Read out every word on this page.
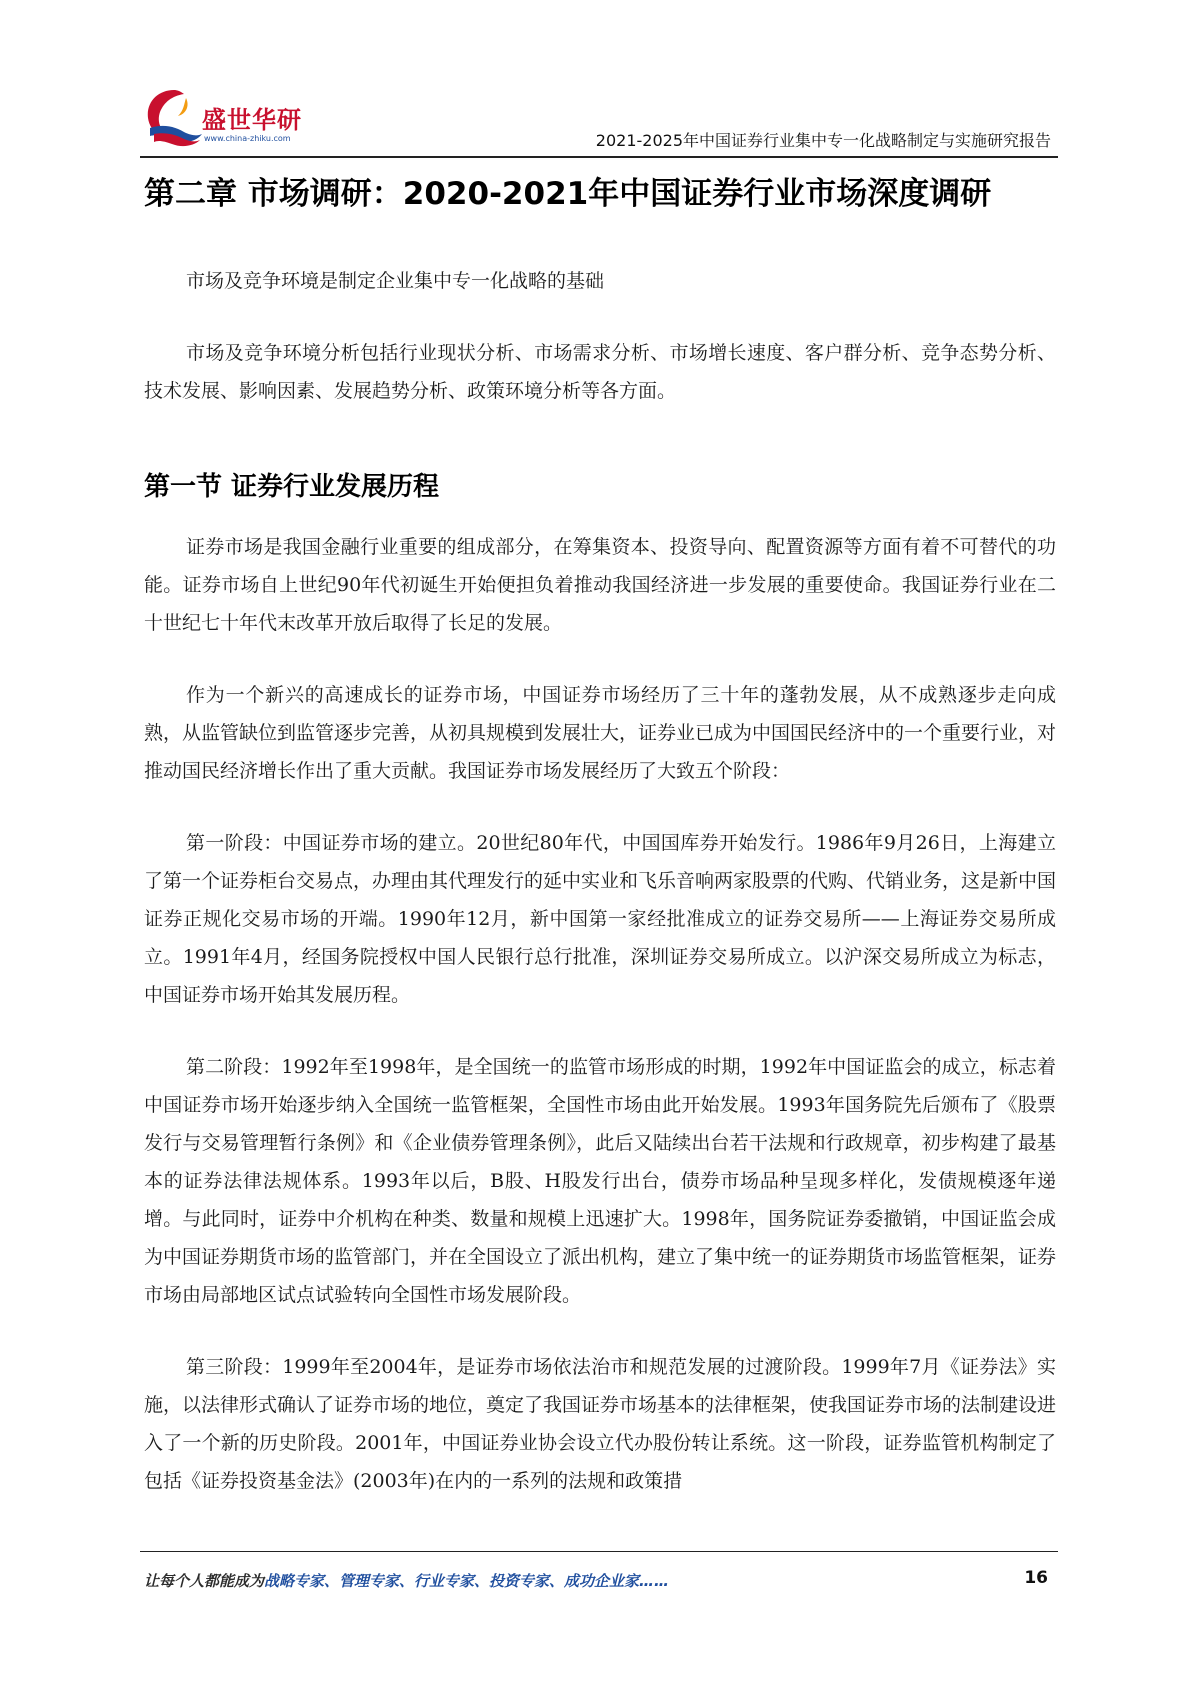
盛世华研
www.china-zhiku.com	2021-2025年中国证券行业集中专一化战略制定与实施研究报告
第二章 市场调研：2020-2021年中国证券行业市场深度调研

市场及竞争环境是制定企业集中专一化战略的基础

市场及竞争环境分析包括行业现状分析、市场需求分析、市场增长速度、客户群分析、竞争态势分析、技术发展、影响因素、发展趋势分析、政策环境分析等各方面。

第一节 证券行业发展历程

证券市场是我国金融行业重要的组成部分，在筹集资本、投资导向、配置资源等方面有着不可替代的功能。证券市场自上世纪90年代初诞生开始便担负着推动我国经济进一步发展的重要使命。我国证券行业在二十世纪七十年代末改革开放后取得了长足的发展。

作为一个新兴的高速成长的证券市场，中国证券市场经历了三十年的蓬勃发展，从不成熟逐步走向成熟，从监管缺位到监管逐步完善，从初具规模到发展壮大，证券业已成为中国国民经济中的一个重要行业，对推动国民经济增长作出了重大贡献。我国证券市场发展经历了大致五个阶段：

第一阶段：中国证券市场的建立。20世纪80年代，中国国库券开始发行。1986年9月26日，上海建立了第一个证券柜台交易点，办理由其代理发行的延中实业和飞乐音响两家股票的代购、代销业务，这是新中国证券正规化交易市场的开端。1990年12月，新中国第一家经批准成立的证券交易所——上海证券交易所成立。1991年4月，经国务院授权中国人民银行总行批准，深圳证券交易所成立。以沪深交易所成立为标志，中国证券市场开始其发展历程。

第二阶段：1992年至1998年，是全国统一的监管市场形成的时期，1992年中国证监会的成立，标志着中国证券市场开始逐步纳入全国统一监管框架，全国性市场由此开始发展。1993年国务院先后颁布了《股票发行与交易管理暂行条例》和《企业债券管理条例》，此后又陆续出台若干法规和行政规章，初步构建了最基本的证券法律法规体系。1993年以后，B股、H股发行出台，债券市场品种呈现多样化，发债规模逐年递增。与此同时，证券中介机构在种类、数量和规模上迅速扩大。1998年，国务院证券委撤销，中国证监会成为中国证券期货市场的监管部门，并在全国设立了派出机构，建立了集中统一的证券期货市场监管框架，证券市场由局部地区试点试验转向全国性市场发展阶段。

第三阶段：1999年至2004年，是证券市场依法治市和规范发展的过渡阶段。1999年7月《证券法》实施，以法律形式确认了证券市场的地位，奠定了我国证券市场基本的法律框架，使我国证券市场的法制建设进入了一个新的历史阶段。2001年，中国证券业协会设立代办股份转让系统。这一阶段，证券监管机构制定了包括《证券投资基金法》(2003年)在内的一系列的法规和政策措

让每个人都能成为战略专家、管理专家、行业专家、投资专家、成功企业家……	16
